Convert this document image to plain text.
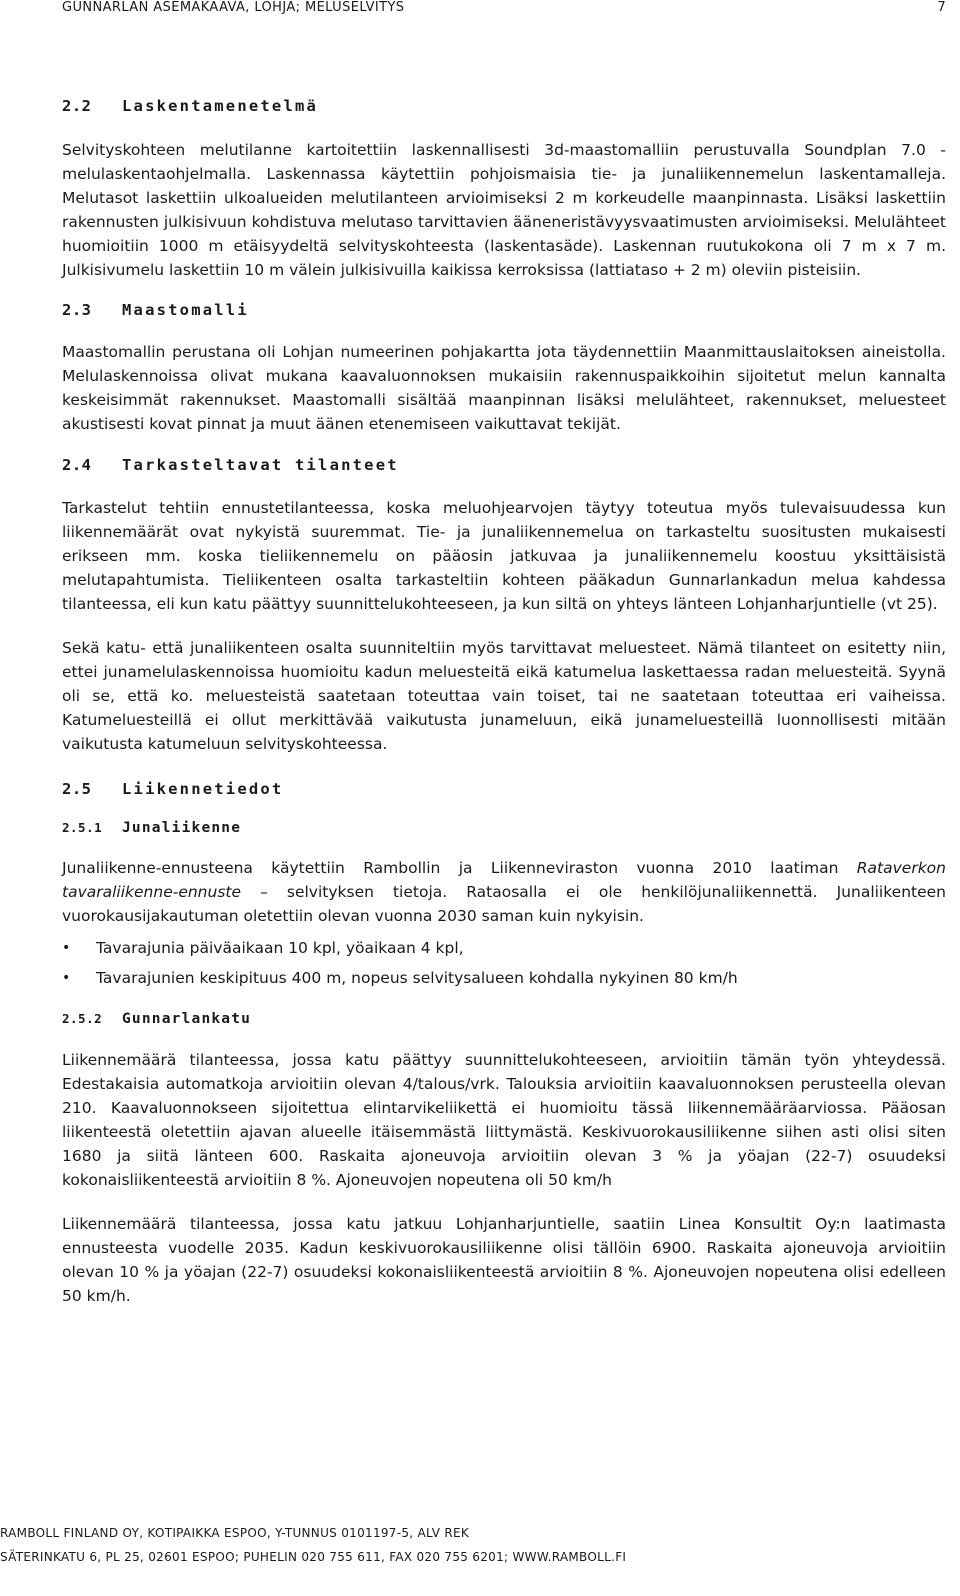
GUNNARLAN ASEMAKAAVA, LOHJA; MELUSELVITYS	7
2.2 Laskentamenetelmä

Selvityskohteen melutilanne kartoitettiin laskennallisesti 3d-maastomalliin perustuvalla Soundplan 7.0 - melulaskentaohjelmalla. Laskennassa käytettiin pohjoismaisia tie- ja junaliikennemelun laskentamalleja. Melutasot laskettiin ulkoalueiden melutilanteen arvioimiseksi 2 m korkeudelle maanpinnasta. Lisäksi laskettiin rakennusten julkisivuun kohdistuva melutaso tarvittavien ääneneristävyysvaatimusten arvioimiseksi. Melulähteet huomioitiin 1000 m etäisyydeltä selvityskohteesta (laskentasäde). Laskennan ruutukokona oli 7 m x 7 m. Julkisivumelu laskettiin 10 m välein julkisivuilla kaikissa kerroksissa (lattiataso + 2 m) oleviin pisteisiin.

2.3 Maastomalli

Maastomallin perustana oli Lohjan numeerinen pohjakartta jota täydennettiin Maanmittauslaitoksen aineistolla. Melulaskennoissa olivat mukana kaavaluonnoksen mukaisiin rakennuspaikkoihin sijoitetut melun kannalta keskeisimmät rakennukset. Maastomalli sisältää maanpinnan lisäksi melulähteet, rakennukset, meluesteet akustisesti kovat pinnat ja muut äänen etenemiseen vaikuttavat tekijät.

2.4 Tarkasteltavat tilanteet

Tarkastelut tehtiin ennustetilanteessa, koska meluohjearvojen täytyy toteutua myös tulevaisuudessa kun liikennemäärät ovat nykyistä suuremmat. Tie- ja junaliikennemelua on tarkasteltu suositusten mukaisesti erikseen mm. koska tieliikennemelu on pääosin jatkuvaa ja junaliikennemelu koostuu yksittäisistä melutapahtumista. Tieliikenteen osalta tarkasteltiin kohteen pääkadun Gunnarlankadun melua kahdessa tilanteessa, eli kun katu päättyy suunnittelukohteeseen, ja kun siltä on yhteys länteen Lohjanharjuntielle (vt 25).

Sekä katu- että junaliikenteen osalta suunniteltiin myös tarvittavat meluesteet. Nämä tilanteet on esitetty niin, ettei junamelulaskennoissa huomioitu kadun meluesteitä eikä katumelua laskettaessa radan meluesteitä. Syynä oli se, että ko. meluesteistä saatetaan toteuttaa vain toiset, tai ne saatetaan toteuttaa eri vaiheissa. Katumeluesteillä ei ollut merkittävää vaikutusta junameluun, eikä junameluesteillä luonnollisesti mitään vaikutusta katumeluun selvityskohteessa.

2.5 Liikennetiedot
2.5.1 Junaliikenne

Junaliikenne-ennusteena käytettiin Rambollin ja Liikenneviraston vuonna 2010 laatiman Rataverkon tavaraliikenne-ennuste – selvityksen tietoja. Rataosalla ei ole henkilöjunaliikennettä. Junaliikenteen vuorokausijakautuman oletettiin olevan vuonna 2030 saman kuin nykyisin.

• Tavarajunia päiväaikaan 10 kpl, yöaikaan 4 kpl,
• Tavarajunien keskipituus 400 m, nopeus selvitysalueen kohdalla nykyinen 80 km/h
2.5.2 Gunnarlankatu

Liikennemäärä tilanteessa, jossa katu päättyy suunnittelukohteeseen, arvioitiin tämän työn yhteydessä. Edestakaisia automatkoja arvioitiin olevan 4/talous/vrk. Talouksia arvioitiin kaavaluonnoksen perusteella olevan 210. Kaavaluonnokseen sijoitettua elintarvikeliikettä ei huomioitu tässä liikennemääräarviossa. Pääosan liikenteestä oletettiin ajavan alueelle itäisemmästä liittymästä. Keskivuorokausiliikenne siihen asti olisi siten 1680 ja siitä länteen 600. Raskaita ajoneuvoja arvioitiin olevan 3 % ja yöajan (22-7) osuudeksi kokonaisliikenteestä arvioitiin 8 %. Ajoneuvojen nopeutena oli 50 km/h

Liikennemäärä tilanteessa, jossa katu jatkuu Lohjanharjuntielle, saatiin Linea Konsultit Oy:n laatimasta ennusteesta vuodelle 2035. Kadun keskivuorokausiliikenne olisi tällöin 6900. Raskaita ajoneuvoja arvioitiin olevan 10 % ja yöajan (22-7) osuudeksi kokonaisliikenteestä arvioitiin 8 %. Ajoneuvojen nopeutena olisi edelleen 50 km/h.

RAMBOLL FINLAND OY, KOTIPAIKKA ESPOO, Y-TUNNUS 0101197-5, ALV REK
SÄTERINKATU 6, PL 25, 02601 ESPOO; PUHELIN 020 755 611, FAX 020 755 6201; WWW.RAMBOLL.FI
